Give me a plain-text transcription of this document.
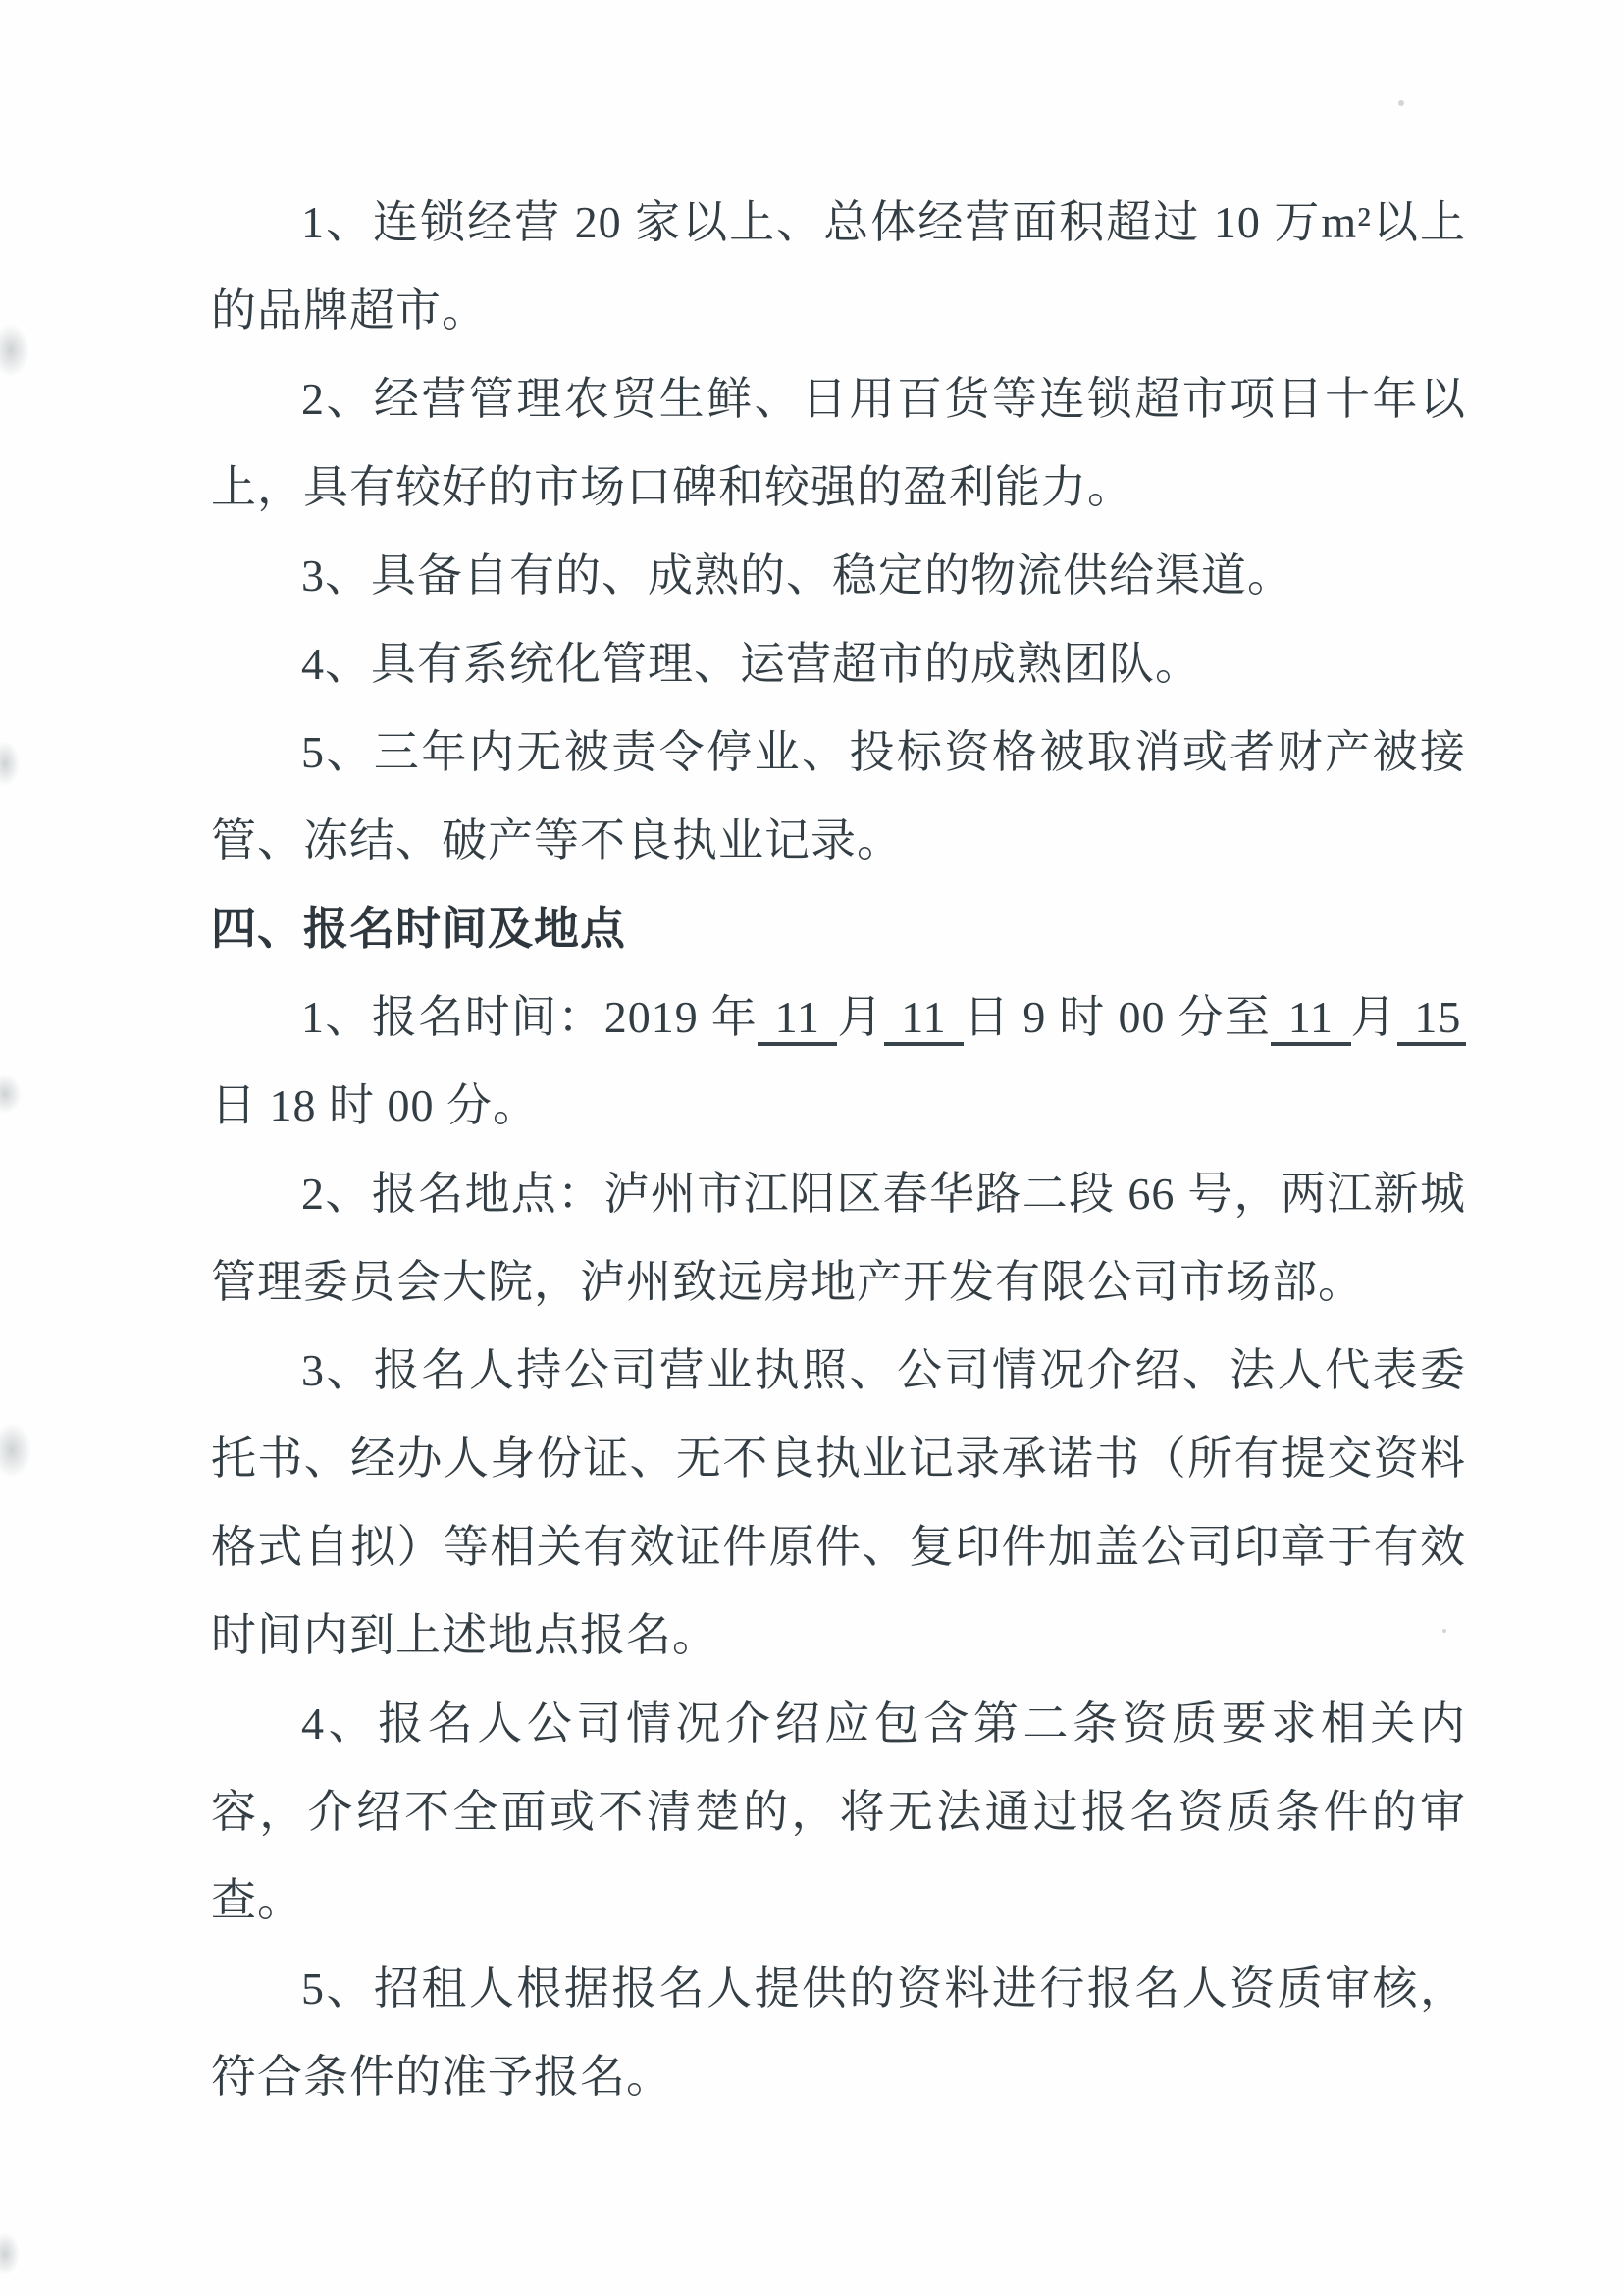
1、连锁经营 20 家以上、总体经营面积超过 10 万m²以上的品牌超市。

2、经营管理农贸生鲜、日用百货等连锁超市项目十年以上，具有较好的市场口碑和较强的盈利能力。

3、具备自有的、成熟的、稳定的物流供给渠道。

4、具有系统化管理、运营超市的成熟团队。

5、三年内无被责令停业、投标资格被取消或者财产被接管、冻结、破产等不良执业记录。

四、报名时间及地点

1、报名时间：2019 年 11 月 11 日 9 时 00 分至 11 月 15 日 18 时 00 分。

2、报名地点：泸州市江阳区春华路二段 66 号，两江新城管理委员会大院，泸州致远房地产开发有限公司市场部。

3、报名人持公司营业执照、公司情况介绍、法人代表委托书、经办人身份证、无不良执业记录承诺书（所有提交资料格式自拟）等相关有效证件原件、复印件加盖公司印章于有效时间内到上述地点报名。

4、报名人公司情况介绍应包含第二条资质要求相关内容，介绍不全面或不清楚的，将无法通过报名资质条件的审查。

5、招租人根据报名人提供的资料进行报名人资质审核，符合条件的准予报名。
